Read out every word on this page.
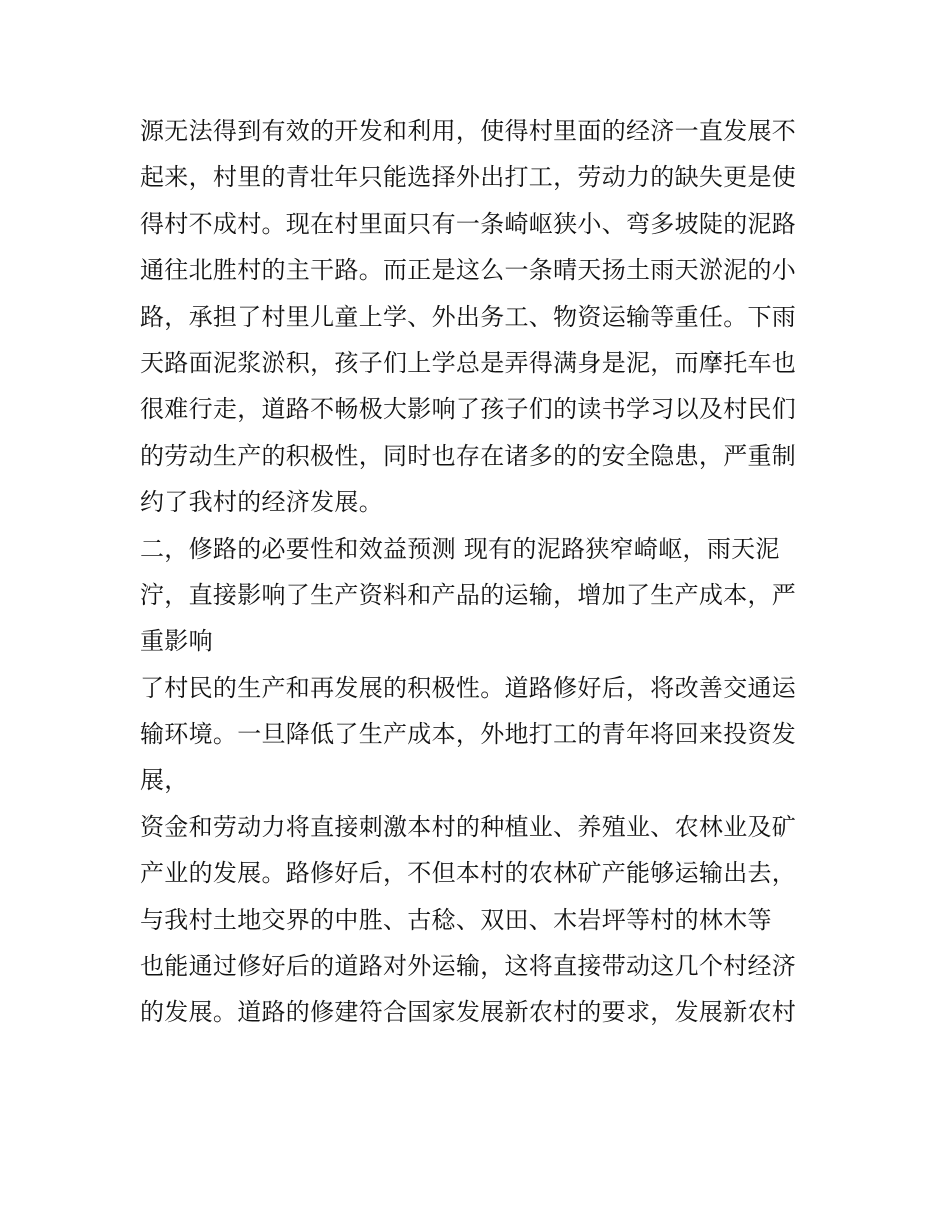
源无法得到有效的开发和利用，使得村里面的经济一直发展不
起来，村里的青壮年只能选择外出打工，劳动力的缺失更是使
得村不成村。现在村里面只有一条崎岖狭小、弯多坡陡的泥路
通往北胜村的主干路。而正是这么一条晴天扬土雨天淤泥的小
路，承担了村里儿童上学、外出务工、物资运输等重任。下雨
天路面泥浆淤积，孩子们上学总是弄得满身是泥，而摩托车也
很难行走，道路不畅极大影响了孩子们的读书学习以及村民们
的劳动生产的积极性，同时也存在诸多的的安全隐患，严重制
约了我村的经济发展。
二，修路的必要性和效益预测 现有的泥路狭窄崎岖，雨天泥
泞，直接影响了生产资料和产品的运输，增加了生产成本，严
重影响
了村民的生产和再发展的积极性。道路修好后，将改善交通运
输环境。一旦降低了生产成本，外地打工的青年将回来投资发
展，
资金和劳动力将直接刺激本村的种植业、养殖业、农林业及矿
产业的发展。路修好后，不但本村的农林矿产能够运输出去，
与我村土地交界的中胜、古稔、双田、木岩坪等村的林木等
也能通过修好后的道路对外运输，这将直接带动这几个村经济
的发展。道路的修建符合国家发展新农村的要求，发展新农村
